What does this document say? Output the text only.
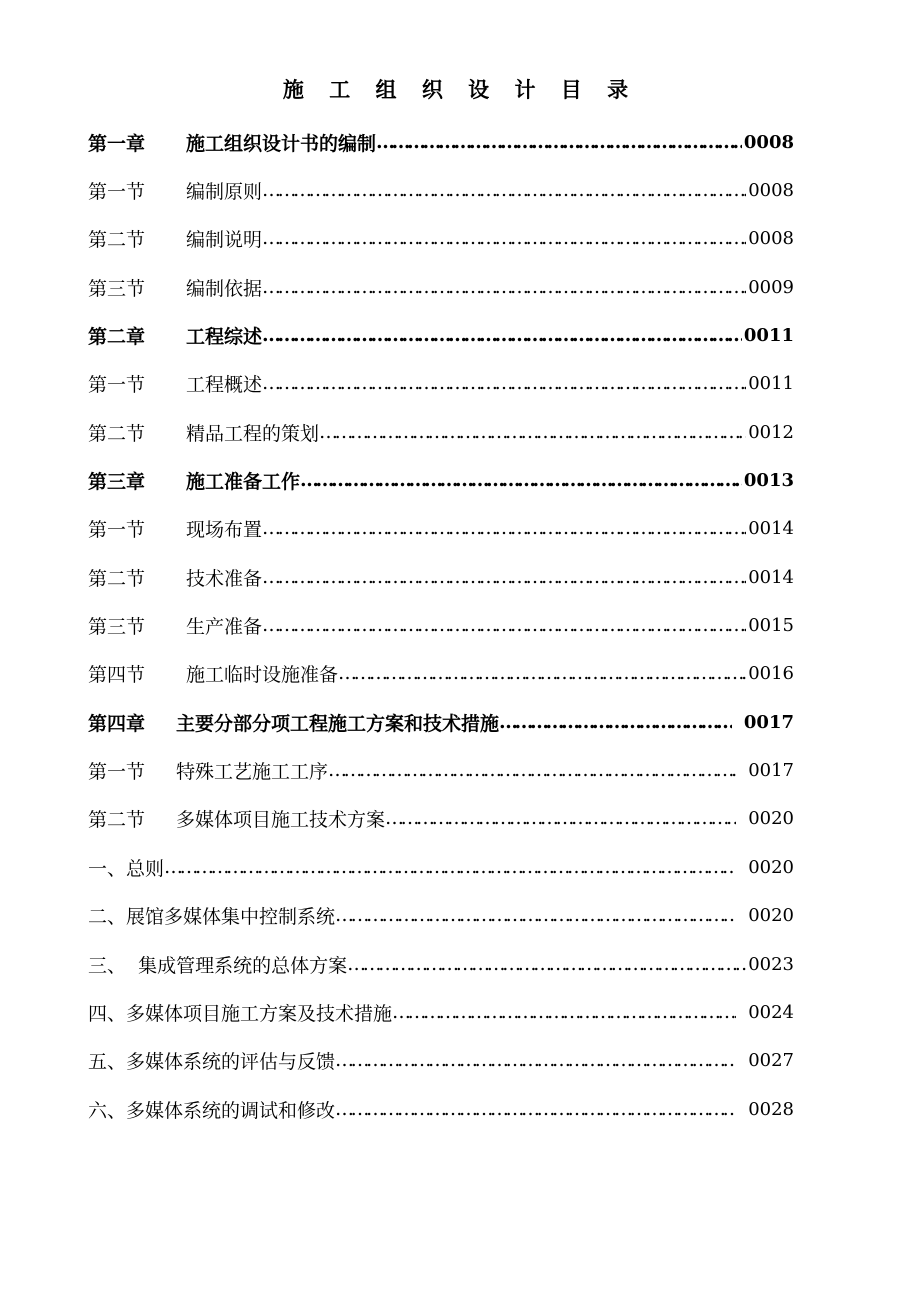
施 工 组 织 设 计 目 录
第一章	施工组织设计书的编制 ……………………………………………………………………………………………………………………………………………	0008
第一节	编制原则 ……………………………………………………………………………………………………………………………………………	0008
第二节	编制说明 ……………………………………………………………………………………………………………………………………………	0008
第三节	编制依据 ……………………………………………………………………………………………………………………………………………	0009
第二章	工程综述 ……………………………………………………………………………………………………………………………………………	0011
第一节	工程概述 ……………………………………………………………………………………………………………………………………………	0011
第二节	精品工程的策划 ……………………………………………………………………………………………………………………………………………	0012
第三章	施工准备工作 ……………………………………………………………………………………………………………………………………………	0013
第一节	现场布置 ……………………………………………………………………………………………………………………………………………	0014
第二节	技术准备 ……………………………………………………………………………………………………………………………………………	0014
第三节	生产准备 ……………………………………………………………………………………………………………………………………………	0015
第四节	施工临时设施准备 ……………………………………………………………………………………………………………………………………………	0016
第四章	主要分部分项工程施工方案和技术措施 ……………………………………………………………………………………………………………………………………………	0017
第一节	特殊工艺施工工序 ……………………………………………………………………………………………………………………………………………	0017
第二节	多媒体项目施工技术方案 ……………………………………………………………………………………………………………………………………………	0020
一、总则 ……………………………………………………………………………………………………………………………………………	0020
二、展馆多媒体集中控制系统 ……………………………………………………………………………………………………………………………………………	0020
三、  集成管理系统的总体方案 ……………………………………………………………………………………………………………………………………………	0023
四、多媒体项目施工方案及技术措施 ……………………………………………………………………………………………………………………………………………	0024
五、多媒体系统的评估与反馈 ……………………………………………………………………………………………………………………………………………	0027
六、多媒体系统的调试和修改 ……………………………………………………………………………………………………………………………………………	0028
